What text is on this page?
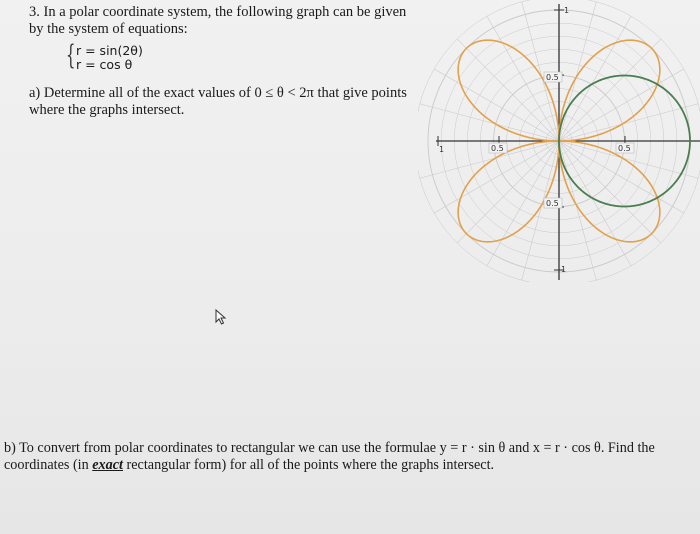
3. In a polar coordinate system, the following graph can be given by the system of equations:

{ r = sin(2θ)
r = cos θ
a) Determine all of the exact values of 0 ≤ θ < 2π that give points where the graphs intersect.
b) To convert from polar coordinates to rectangular we can use the formulae y = r · sin θ and x = r · cos θ. Find the coordinates (in exact rectangular form) for all of the points where the graphs intersect.
1
0.5
0.5
1
1	0.5	0.5
